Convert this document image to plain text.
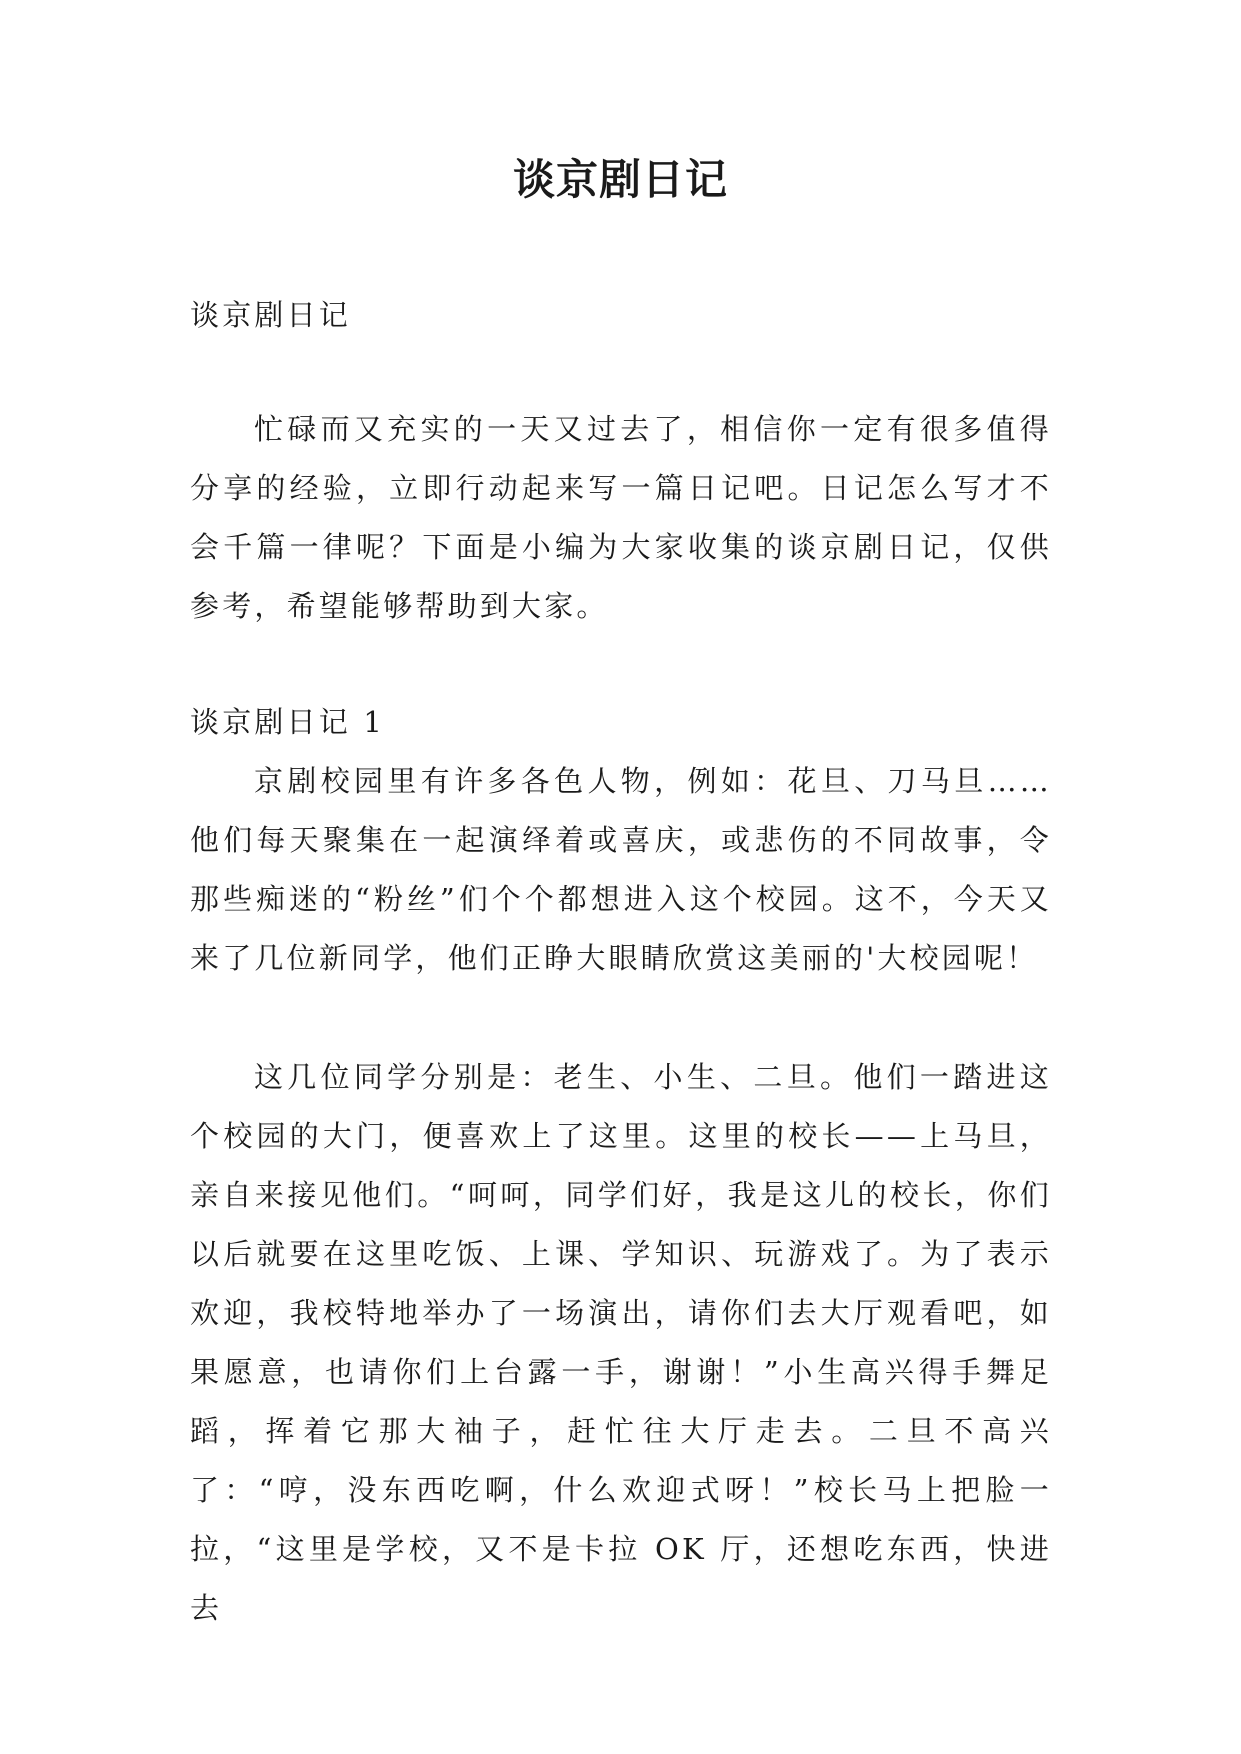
谈京剧日记

谈京剧日记

忙碌而又充实的一天又过去了，相信你一定有很多值得分享的经验，立即行动起来写一篇日记吧。日记怎么写才不会千篇一律呢？下面是小编为大家收集的谈京剧日记，仅供参考，希望能够帮助到大家。

谈京剧日记 1

京剧校园里有许多各色人物，例如：花旦、刀马旦……他们每天聚集在一起演绎着或喜庆，或悲伤的不同故事，令那些痴迷的“粉丝”们个个都想进入这个校园。这不，今天又来了几位新同学，他们正睁大眼睛欣赏这美丽的'大校园呢！

这几位同学分别是：老生、小生、二旦。他们一踏进这个校园的大门，便喜欢上了这里。这里的校长——上马旦，亲自来接见他们。“呵呵，同学们好，我是这儿的校长，你们以后就要在这里吃饭、上课、学知识、玩游戏了。为了表示欢迎，我校特地举办了一场演出，请你们去大厅观看吧，如果愿意，也请你们上台露一手，谢谢！”小生高兴得手舞足蹈，挥着它那大袖子，赶忙往大厅走去。二旦不高兴了：“哼，没东西吃啊，什么欢迎式呀！”校长马上把脸一拉，“这里是学校，又不是卡拉 OK 厅，还想吃东西，快进去
